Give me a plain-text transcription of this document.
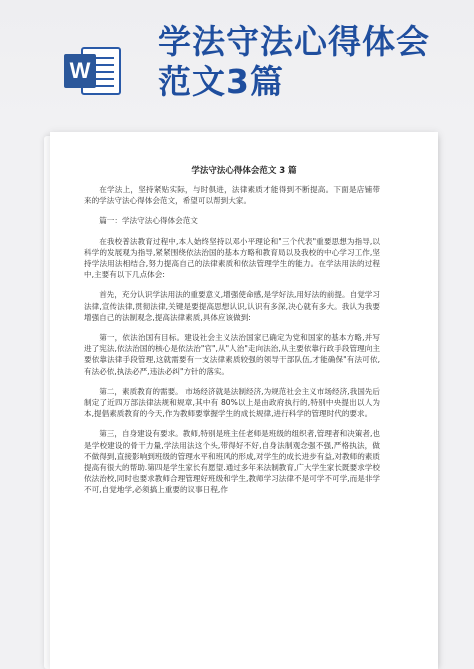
W
学法守法心得体会范文3篇
学法守法心得体会范文 3 篇

在学法上，坚持紧贴实际，与时俱进，法律素质才能得到不断提高。下面是店铺带来的学法守法心得体会范文，希望可以帮到大家。

篇一：学法守法心得体会范文

在我校普法教育过程中,本人始终坚持以邓小平理论和"三个代表"重要思想为指导,以科学的发展观为指导,紧紧围绕依法治国的基本方略和教育局以及我校的中心学习工作,坚持学法用法相结合,努力提高自己的法律素质和依法管理学生的能力。在学法用法的过程中,主要有以下几点体会:

首先，充分认识学法用法的重要意义,增强使命感,是学好法,用好法的前提。自觉学习法律,宣传法律,贯彻法律,关键是要提高思想认识,认识有多深,决心就有多大。我认为我要增强自己的法制观念,提高法律素质,具体应该做到:

第一，依法治国有目标。建设社会主义法治国家已确定为党和国家的基本方略,并写进了宪法,依法治国的核心是依法治"官",从"人治"走向法治,从主要依靠行政手段管理向主要依靠法律手段管理,这就需要有一支法律素质较强的领导干部队伍,才能确保"有法可依,有法必依,执法必严,违法必纠"方针的落实。

第二，素质教育的需要。 市场经济就是法制经济,为规范社会主义市场经济,我国先后制定了近四万部法律法规和规章,其中有 80%以上是由政府执行的,特别中央提出以人为本,提倡素质教育的今天,作为教师要掌握学生的成长规律,进行科学的管理时代的要求。

第三，自身建设有要求。教师,特别是班主任老师是班级的组织者,管理者和决策者,也是学校建设的骨干力量,学法用法这个头,带得好不好,自身法制观念强不强,严格执法，做不做得到,直接影响到班级的管理水平和班风的形成,对学生的成长进步有益,对教师的素质提高有很大的帮助.第四是学生家长有愿望.通过多年来法制教育,广大学生家长既要求学校依法治校,同时也要求教师合理管理好班级和学生,教师学习法律不是可学不可学,而是非学不可,自觉地学,必须搞上重要的议事日程,作
